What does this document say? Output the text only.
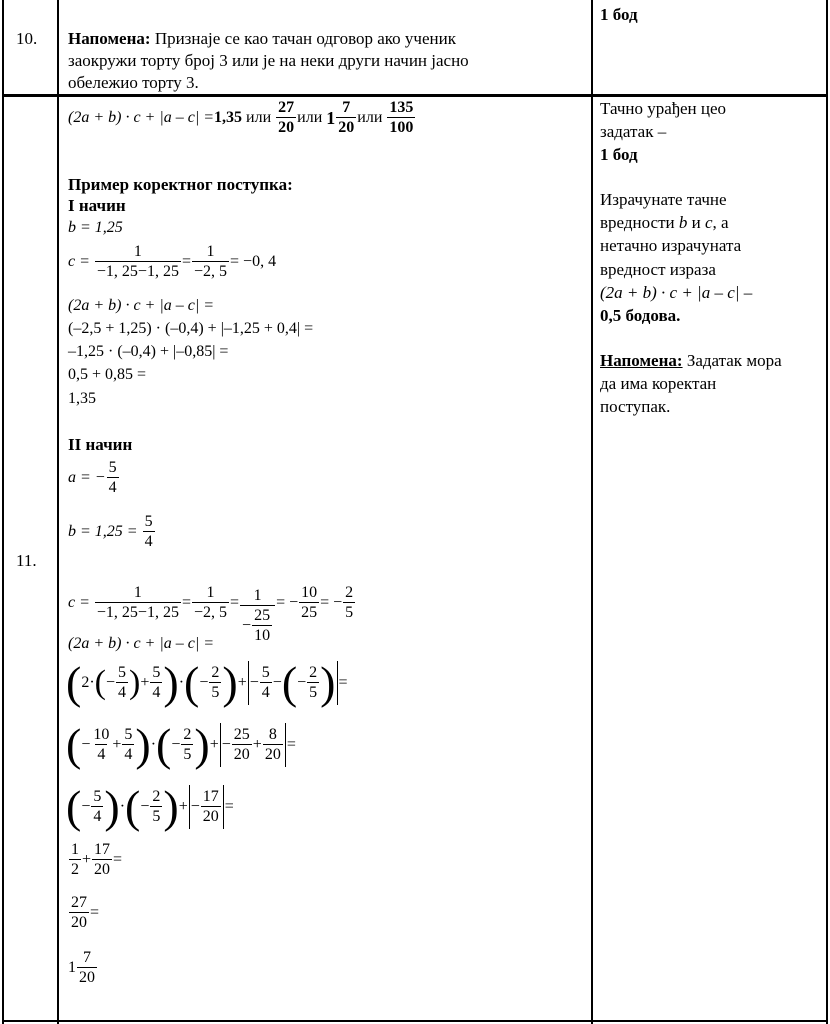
10. Напомена: Признаје се као тачан одговор ако ученик
заокружи торту број 3 или је на неки други начин јасно
обележио торту 3.
1 бод
11.
(2a + b) · c + |a – c| = 1,35
или
$\frac{27}{20}$ или
$1 \frac{7}{20}$ или
$\frac{135}{100}$
Пример коректног поступка:
I начин
b = 1,25
c =
$\frac{1}{-1, 25-1, 25} = \frac{1}{-2, 5} = -0$, 4
(2a + b) · c + |a – c| =
(–2,5 + 1,25) · (–0,4) + |–1,25 + 0,4| =
–1,25 · (–0,4) + |–0,85| =
0,5 + 0,85 =
1,35
II начин
a = − $\frac{5}{4}$
b = 1,25 =
$\frac{5}{4}$
c =
$\frac{1}{-1, 25-1, 25} = \frac{1}{-2, 5} = \frac{1}{- \frac{25}{10}}$ = − $\frac{10}{25}$ = − $\frac{2}{5}$
(2a + b) · c + |a – c| =
( 2· ( − $\frac{5}{4}$ ) + $\frac{5}{4}$ ) · ( − $\frac{2}{5}$ ) + − $\frac{5}{4}$ − ( − $\frac{2}{5}$ ) =
( − $\frac{10}{4} + \frac{5}{4}$ ) · ( − $\frac{2}{5}$ ) + − $\frac{25}{20} + \frac{8}{20}$ =
( − $\frac{5}{4}$ ) · ( − $\frac{2}{5}$ ) + − $\frac{17}{20}$ =
$\frac{1}{2} + \frac{17}{20}$ =
$\frac{27}{20}$ =
$1 \frac{7}{20}$
Тачно урађен цео
задатак –
1 бод
Израчунате тачне
вредности b и c, а
нетачно израчуната
вредност израза
(2a + b) · c + |a – c| –
0,5 бодова.
Напомена: Задатак мора
да има коректан
поступак.
